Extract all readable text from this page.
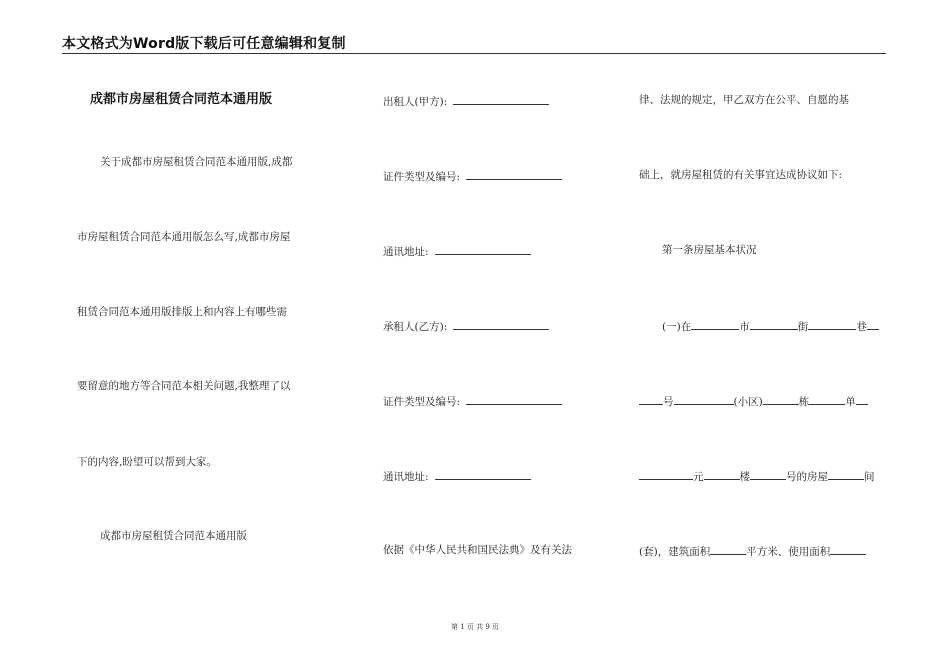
本文格式为Word版下载后可任意编辑和复制
成都市房屋租赁合同范本通用版
关于成都市房屋租赁合同范本通用版,成都
市房屋租赁合同范本通用版怎么写,成都市房屋
租赁合同范本通用版排版上和内容上有哪些需
要留意的地方等合同范本相关问题,我整理了以
下的内容,盼望可以帮到大家。
成都市房屋租赁合同范本通用版
出租人(甲方):
证件类型及编号:
通讯地址:
承租人(乙方):
证件类型及编号:
通讯地址:
依据《中华人民共和国民法典》及有关法
律、法规的规定，甲乙双方在公平、自愿的基
础上，就房屋租赁的有关事宜达成协议如下:
第一条房屋基本状况
(一)在	市	街	巷
号	(小区)	栋	单
元	楼	号的房屋	间
(套)，建筑面积	平方米、使用面积
第 1 页 共 9 页
